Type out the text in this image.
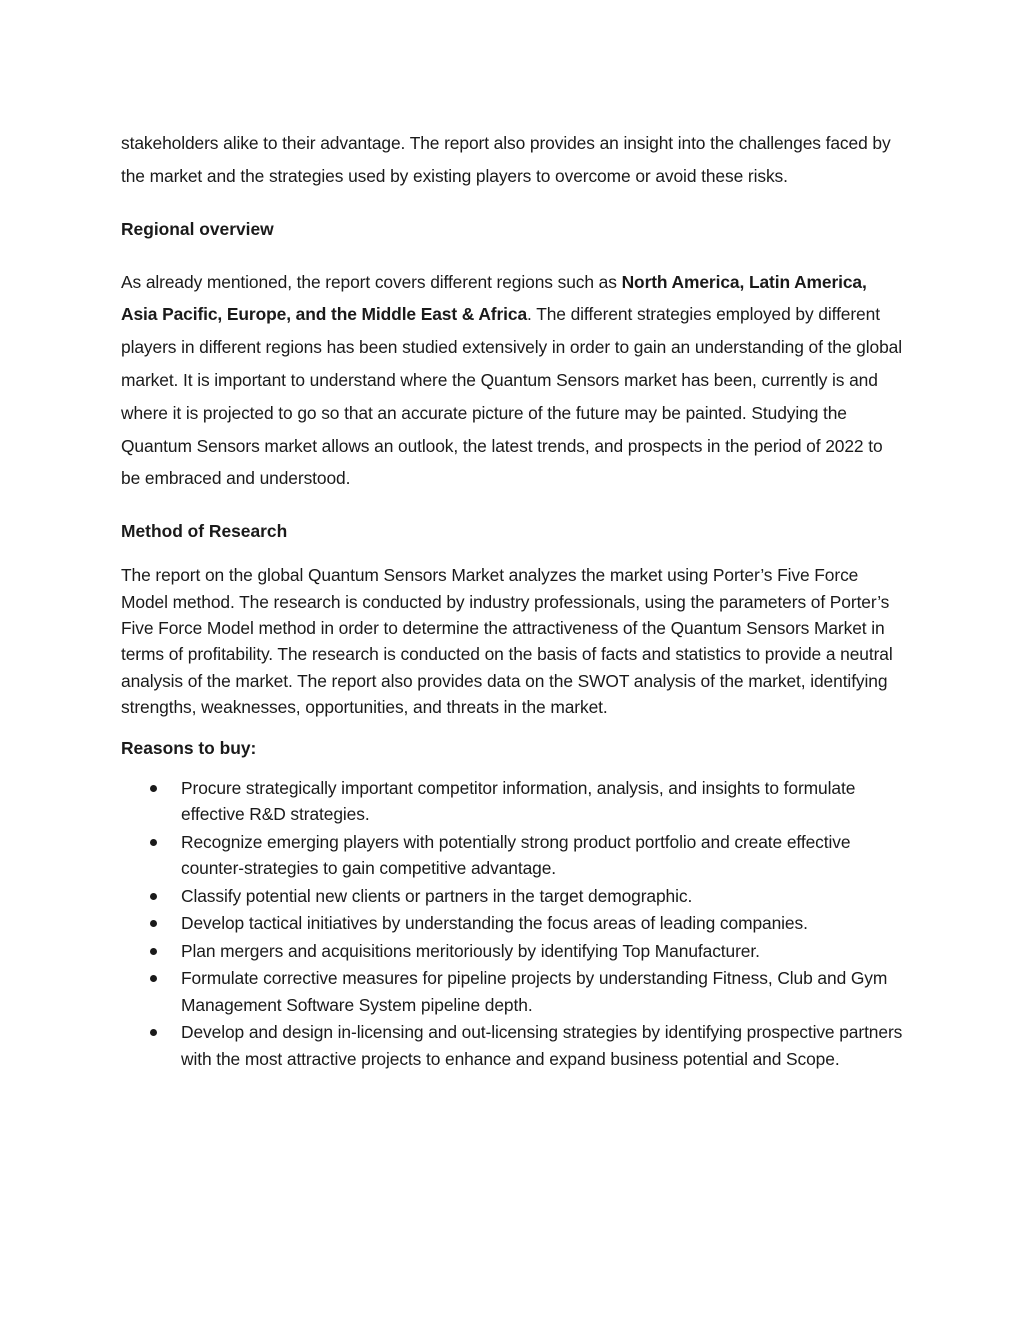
stakeholders alike to their advantage. The report also provides an insight into the challenges faced by the market and the strategies used by existing players to overcome or avoid these risks.

Regional overview

As already mentioned, the report covers different regions such as North America, Latin America, Asia Pacific, Europe, and the Middle East & Africa. The different strategies employed by different players in different regions has been studied extensively in order to gain an understanding of the global market. It is important to understand where the Quantum Sensors market has been, currently is and where it is projected to go so that an accurate picture of the future may be painted. Studying the Quantum Sensors market allows an outlook, the latest trends, and prospects in the period of 2022 to be embraced and understood.

Method of Research

The report on the global Quantum Sensors Market analyzes the market using Porter’s Five Force Model method. The research is conducted by industry professionals, using the parameters of Porter’s Five Force Model method in order to determine the attractiveness of the Quantum Sensors Market in terms of profitability. The research is conducted on the basis of facts and statistics to provide a neutral analysis of the market. The report also provides data on the SWOT analysis of the market, identifying strengths, weaknesses, opportunities, and threats in the market.

Reasons to buy:

Procure strategically important competitor information, analysis, and insights to formulate effective R&D strategies.
Recognize emerging players with potentially strong product portfolio and create effective counter-strategies to gain competitive advantage.
Classify potential new clients or partners in the target demographic.
Develop tactical initiatives by understanding the focus areas of leading companies.
Plan mergers and acquisitions meritoriously by identifying Top Manufacturer.
Formulate corrective measures for pipeline projects by understanding Fitness, Club and Gym Management Software System pipeline depth.
Develop and design in-licensing and out-licensing strategies by identifying prospective partners with the most attractive projects to enhance and expand business potential and Scope.
